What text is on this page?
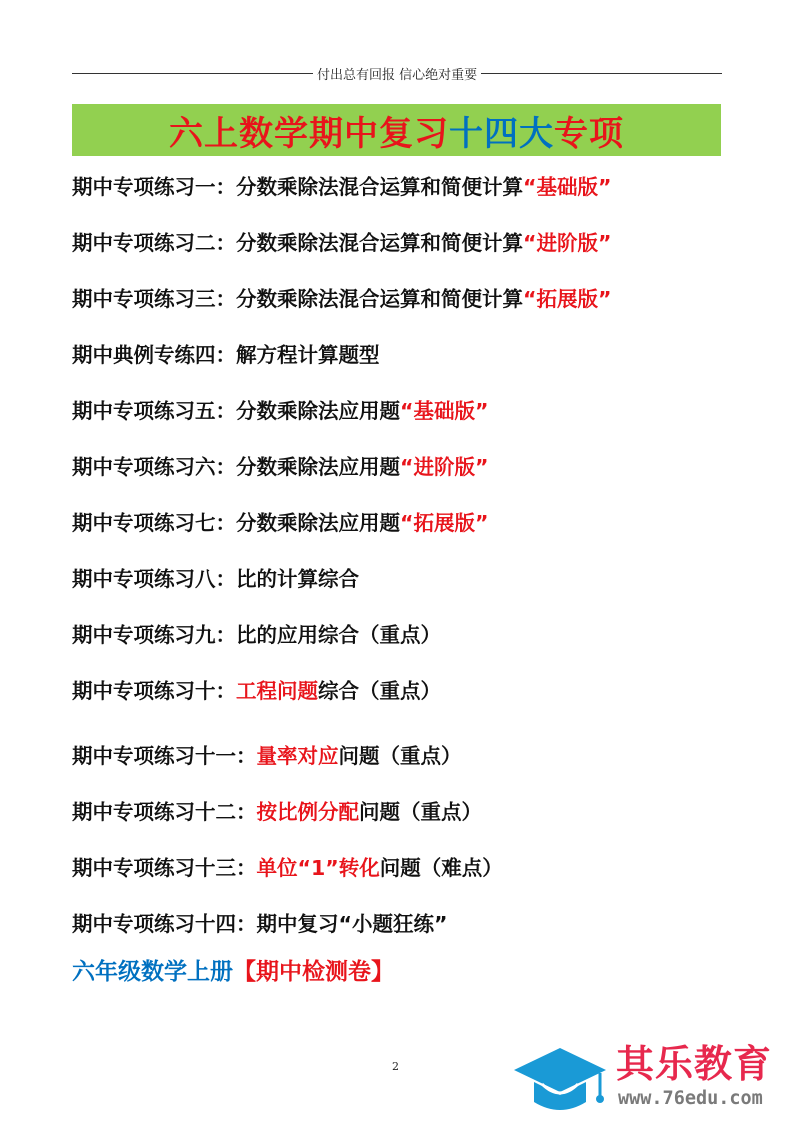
付出总有回报 信心绝对重要
六上数学期中复习十四大专项
期中专项练习一：分数乘除法混合运算和简便计算“基础版”
期中专项练习二：分数乘除法混合运算和简便计算“进阶版”
期中专项练习三：分数乘除法混合运算和简便计算“拓展版”
期中典例专练四：解方程计算题型
期中专项练习五：分数乘除法应用题“基础版”
期中专项练习六：分数乘除法应用题“进阶版”
期中专项练习七：分数乘除法应用题“拓展版”
期中专项练习八：比的计算综合
期中专项练习九：比的应用综合（重点）
期中专项练习十：工程问题综合（重点）
期中专项练习十一：量率对应问题（重点）
期中专项练习十二：按比例分配问题（重点）
期中专项练习十三：单位“1”转化问题（难点）
期中专项练习十四：期中复习“小题狂练”
六年级数学上册【期中检测卷】
2	其乐教育
www.76edu.com
